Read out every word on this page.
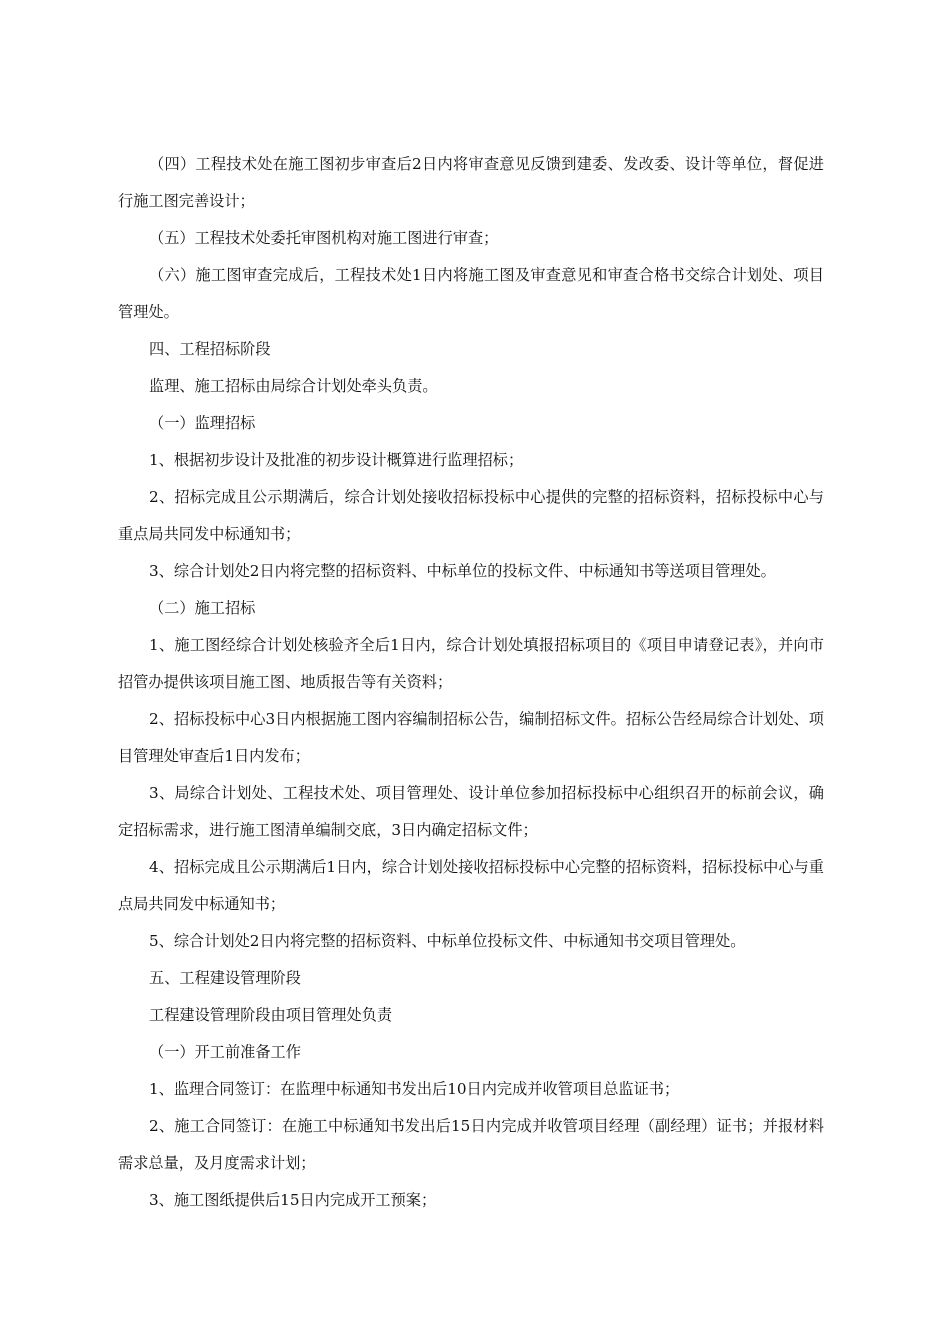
（四）工程技术处在施工图初步审查后2日内将审查意见反馈到建委、发改委、设计等单位，督促进行施工图完善设计；

（五）工程技术处委托审图机构对施工图进行审查；

（六）施工图审查完成后，工程技术处1日内将施工图及审查意见和审查合格书交综合计划处、项目管理处。

四、工程招标阶段

监理、施工招标由局综合计划处牵头负责。

（一）监理招标

1、根据初步设计及批准的初步设计概算进行监理招标；

2、招标完成且公示期满后，综合计划处接收招标投标中心提供的完整的招标资料，招标投标中心与重点局共同发中标通知书；

3、综合计划处2日内将完整的招标资料、中标单位的投标文件、中标通知书等送项目管理处。

（二）施工招标

1、施工图经综合计划处核验齐全后1日内，综合计划处填报招标项目的《项目申请登记表》，并向市招管办提供该项目施工图、地质报告等有关资料；

2、招标投标中心3日内根据施工图内容编制招标公告，编制招标文件。招标公告经局综合计划处、项目管理处审查后1日内发布；

3、局综合计划处、工程技术处、项目管理处、设计单位参加招标投标中心组织召开的标前会议，确定招标需求，进行施工图清单编制交底，3日内确定招标文件；

4、招标完成且公示期满后1日内，综合计划处接收招标投标中心完整的招标资料，招标投标中心与重点局共同发中标通知书；

5、综合计划处2日内将完整的招标资料、中标单位投标文件、中标通知书交项目管理处。

五、工程建设管理阶段

工程建设管理阶段由项目管理处负责

（一）开工前准备工作

1、监理合同签订：在监理中标通知书发出后10日内完成并收管项目总监证书；

2、施工合同签订：在施工中标通知书发出后15日内完成并收管项目经理（副经理）证书；并报材料需求总量，及月度需求计划；

3、施工图纸提供后15日内完成开工预案；
